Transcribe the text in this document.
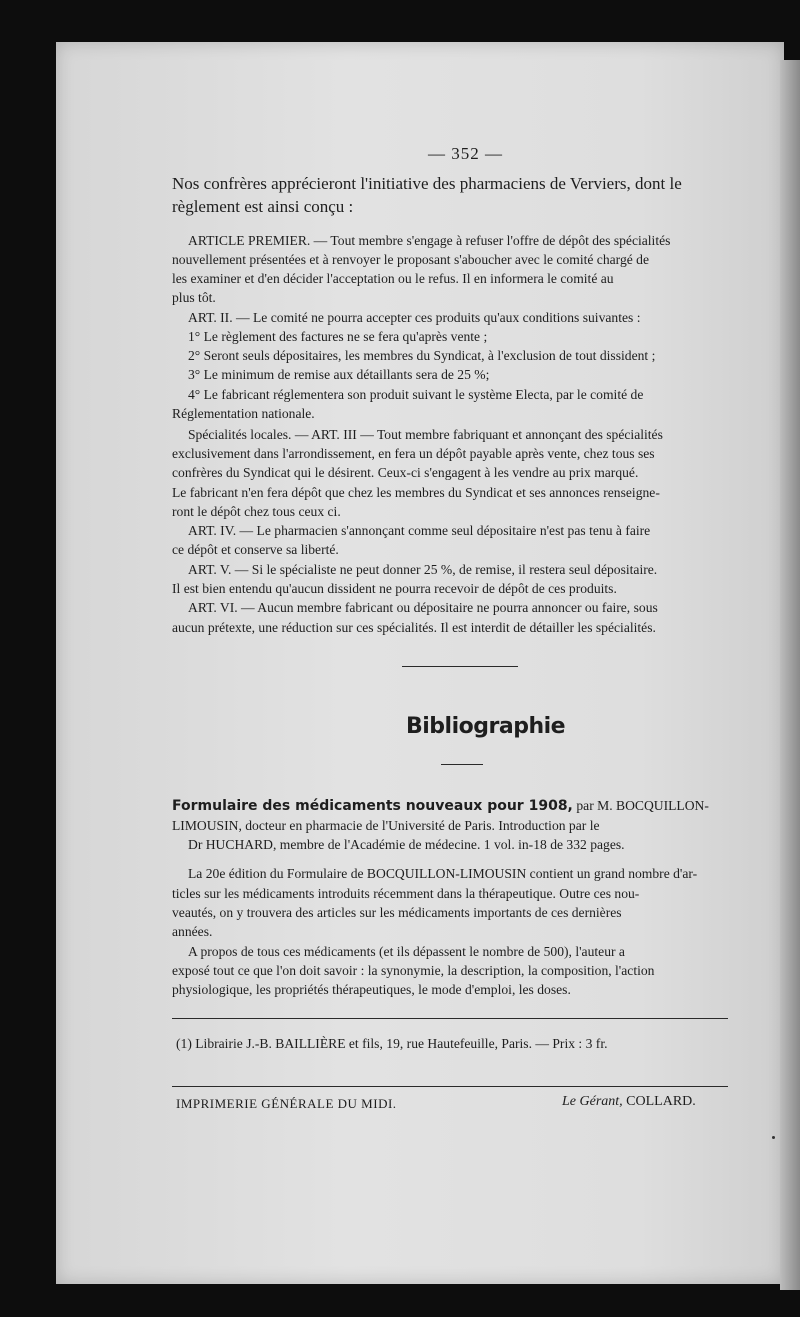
— 352 —

Nos confrères apprécieront l'initiative des pharmaciens de Verviers, dont le

règlement est ainsi conçu :

ARTICLE PREMIER. — Tout membre s'engage à refuser l'offre de dépôt des spécialités

nouvellement présentées et à renvoyer le proposant s'aboucher avec le comité chargé de

les examiner et d'en décider l'acceptation ou le refus. Il en informera le comité au

plus tôt.

ART. II. — Le comité ne pourra accepter ces produits qu'aux conditions suivantes :

1° Le règlement des factures ne se fera qu'après vente ;

2° Seront seuls dépositaires, les membres du Syndicat, à l'exclusion de tout dissident ;

3° Le minimum de remise aux détaillants sera de 25 %;

4° Le fabricant réglementera son produit suivant le système Electa, par le comité de

Réglementation nationale.

Spécialités locales. — ART. III — Tout membre fabriquant et annonçant des spécialités

exclusivement dans l'arrondissement, en fera un dépôt payable après vente, chez tous ses

confrères du Syndicat qui le désirent. Ceux-ci s'engagent à les vendre au prix marqué.

Le fabricant n'en fera dépôt que chez les membres du Syndicat et ses annonces renseigne-

ront le dépôt chez tous ceux ci.

ART. IV. — Le pharmacien s'annonçant comme seul dépositaire n'est pas tenu à faire

ce dépôt et conserve sa liberté.

ART. V. — Si le spécialiste ne peut donner 25 %, de remise, il restera seul dépositaire.

Il est bien entendu qu'aucun dissident ne pourra recevoir de dépôt de ces produits.

ART. VI. — Aucun membre fabricant ou dépositaire ne pourra annoncer ou faire, sous

aucun prétexte, une réduction sur ces spécialités. Il est interdit de détailler les spécialités.

Bibliographie

Formulaire des médicaments nouveaux pour 1908, par M. BOCQUILLON-

LIMOUSIN, docteur en pharmacie de l'Université de Paris. Introduction par le

Dr HUCHARD, membre de l'Académie de médecine. 1 vol. in-18 de 332 pages.

La 20e édition du Formulaire de BOCQUILLON-LIMOUSIN contient un grand nombre d'ar-

ticles sur les médicaments introduits récemment dans la thérapeutique. Outre ces nou-

veautés, on y trouvera des articles sur les médicaments importants de ces dernières

années.

A propos de tous ces médicaments (et ils dépassent le nombre de 500), l'auteur a

exposé tout ce que l'on doit savoir : la synonymie, la description, la composition, l'action

physiologique, les propriétés thérapeutiques, le mode d'emploi, les doses.

(1) Librairie J.-B. BAILLIÈRE et fils, 19, rue Hautefeuille, Paris. — Prix : 3 fr.

IMPRIMERIE GÉNÉRALE DU MIDI.	Le Gérant, COLLARD.
